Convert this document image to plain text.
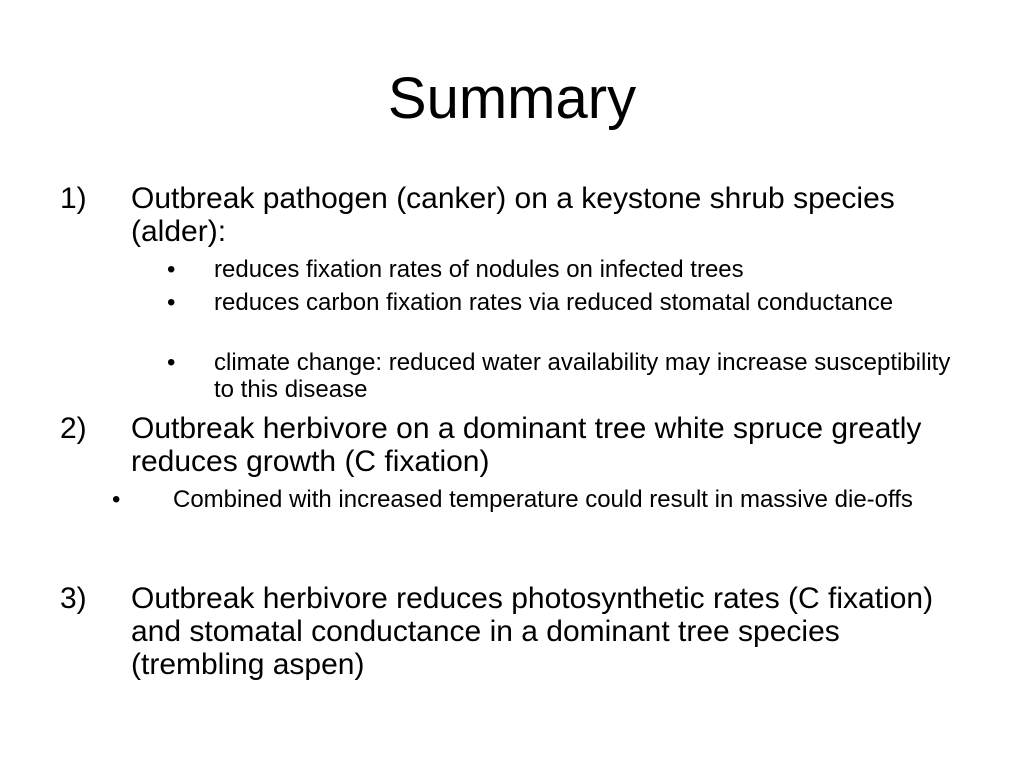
Summary
1) Outbreak pathogen (canker) on a keystone shrub species (alder):
• reduces fixation rates of nodules on infected trees
• reduces carbon fixation rates via reduced stomatal conductance
• climate change: reduced water availability may increase susceptibility to this disease
2) Outbreak herbivore on a dominant tree white spruce greatly reduces growth (C fixation)
• Combined with increased temperature could result in massive die-offs
3) Outbreak herbivore reduces photosynthetic rates (C fixation) and stomatal conductance in a dominant tree species (trembling aspen)
